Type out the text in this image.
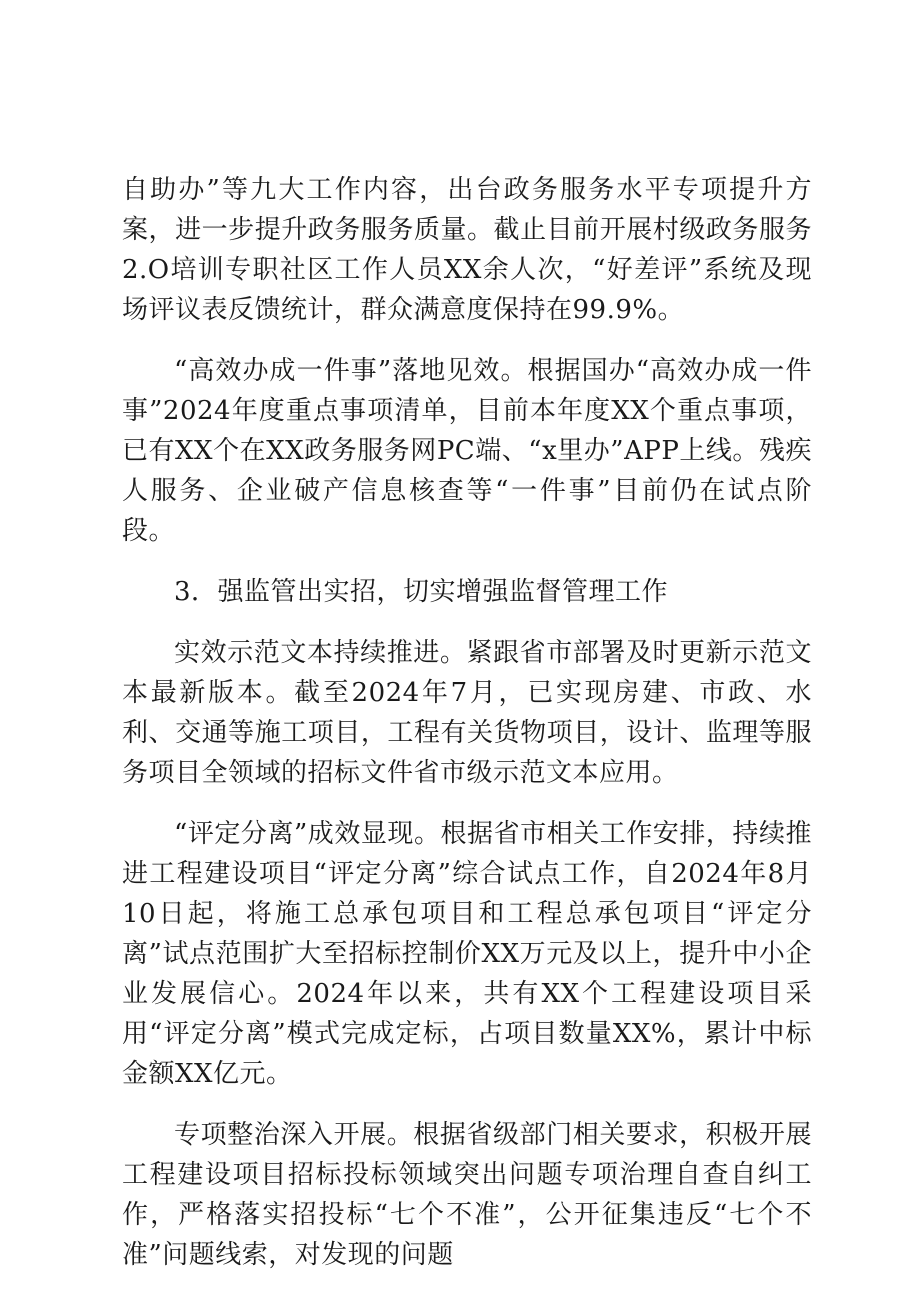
自助办”等九大工作内容，出台政务服务水平专项提升方案，进一步提升政务服务质量。截止目前开展村级政务服务2.O培训专职社区工作人员XX余人次，“好差评”系统及现场评议表反馈统计，群众满意度保持在99.9%。

“高效办成一件事”落地见效。根据国办“高效办成一件事”2024年度重点事项清单，目前本年度XX个重点事项，已有XX个在XX政务服务网PC端、“x里办”APP上线。残疾人服务、企业破产信息核查等“一件事”目前仍在试点阶段。

3．强监管出实招，切实增强监督管理工作

实效示范文本持续推进。紧跟省市部署及时更新示范文本最新版本。截至2024年7月，已实现房建、市政、水利、交通等施工项目，工程有关货物项目，设计、监理等服务项目全领域的招标文件省市级示范文本应用。

“评定分离”成效显现。根据省市相关工作安排，持续推进工程建设项目“评定分离”综合试点工作，自2024年8月10日起，将施工总承包项目和工程总承包项目“评定分离”试点范围扩大至招标控制价XX万元及以上，提升中小企业发展信心。2024年以来，共有XX个工程建设项目采用“评定分离”模式完成定标，占项目数量XX%，累计中标金额XX亿元。

专项整治深入开展。根据省级部门相关要求，积极开展工程建设项目招标投标领域突出问题专项治理自查自纠工作，严格落实招投标“七个不准”，公开征集违反“七个不准”问题线索，对发现的问题
